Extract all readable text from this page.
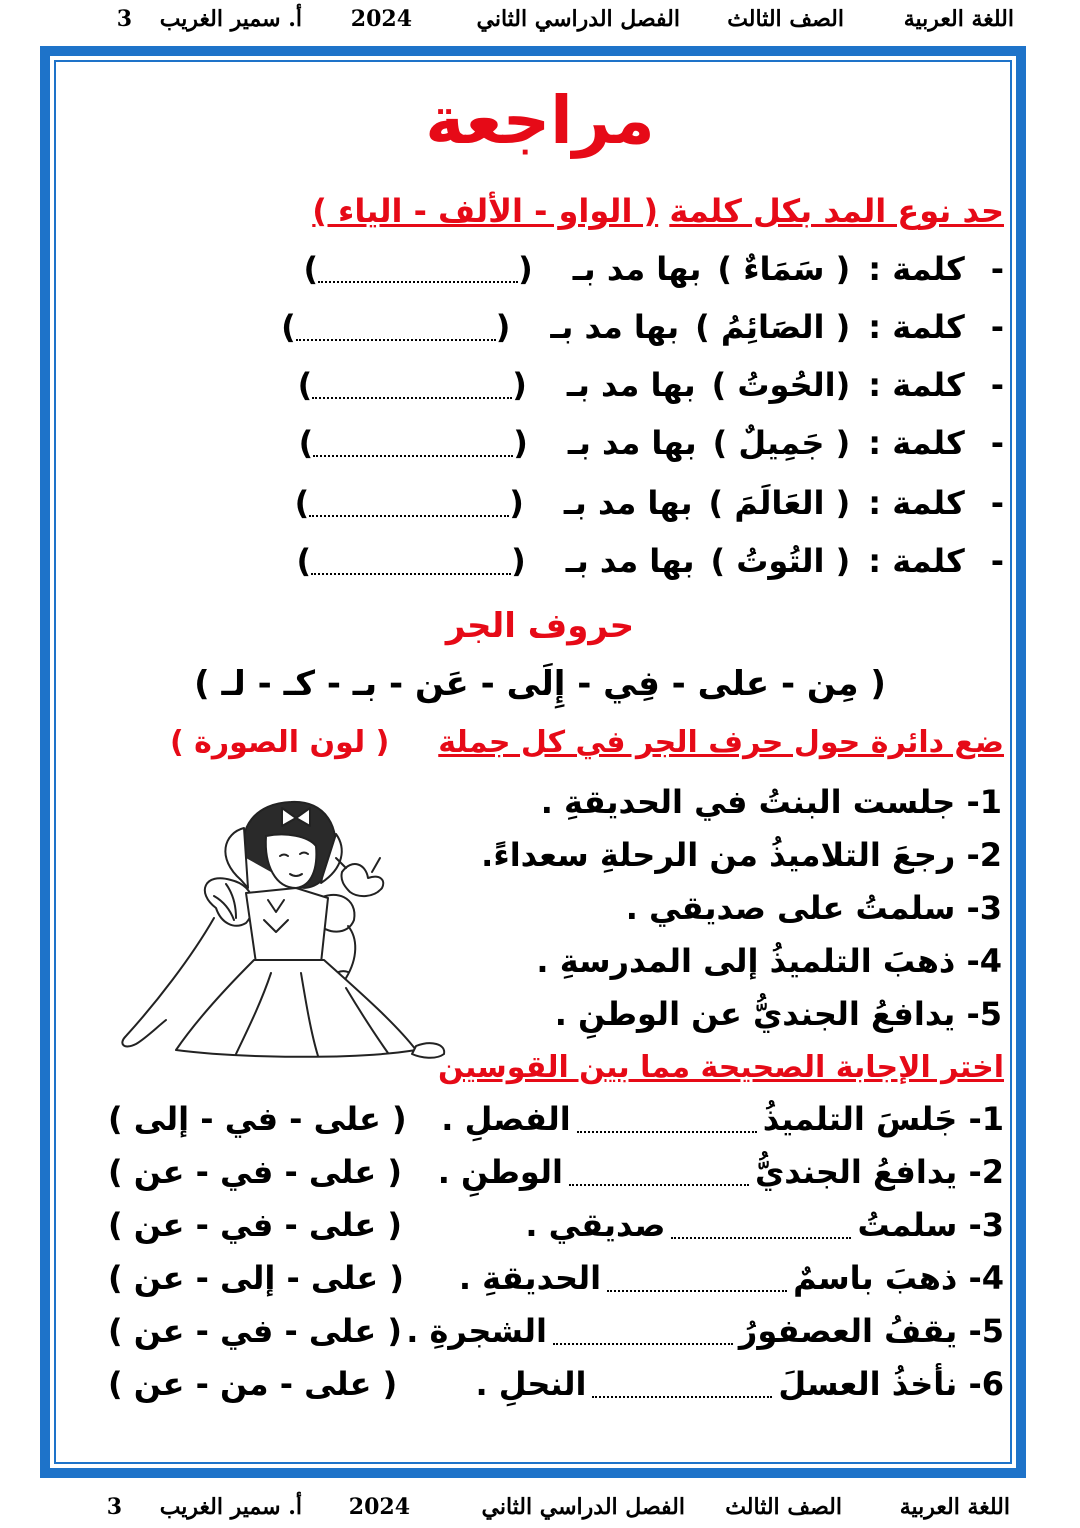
اللغة العربية
الصف الثالث
الفصل الدراسي الثاني
2024
أ. سمير الغريب
3
مراجعة
حد نوع المد بكل كلمة ( الواو - الألف - الياء )
-كلمة :( سَمَاءٌ )بها مد بـ()
-كلمة :( الصَائِمُ )بها مد بـ()
-كلمة :(الحُوتُ )بها مد بـ()
-كلمة :( جَمِيلٌ )بها مد بـ()
-كلمة :( العَالَمَ )بها مد بـ()
-كلمة :( التُوتُ )بها مد بـ()
حروف الجر
( مِن - على - فِي - إِلَى - عَن - بـ - كـ - لـ )
ضع دائرة حول حرف الجر في كل جملة
( لون الصورة )
1- جلست البنتُ في الحديقةِ .
2- رجعَ التلاميذُ من الرحلةِ سعداءً.
3- سلمتُ على صديقي .
4- ذهبَ التلميذُ إلى المدرسةِ .
5- يدافعُ الجنديُّ عن الوطنِ .
اختر الإجابة الصحيحة مما بين القوسين
1- جَلسَ التلميذُالفصلِ .
( على - في - إلى )
2- يدافعُ الجنديُّالوطنِ .
( على - في - عن )
3- سلمتُصديقي .
( على - في - عن )
4- ذهبَ باسمٌالحديقةِ .
( على - إلى - عن )
5- يقفُ العصفورُالشجرةِ .
( على - في - عن )
6- نأخذُ العسلَالنحلِ .
( على - من - عن )
اللغة العربية
الصف الثالث
الفصل الدراسي الثاني
2024
أ. سمير الغريب
3
